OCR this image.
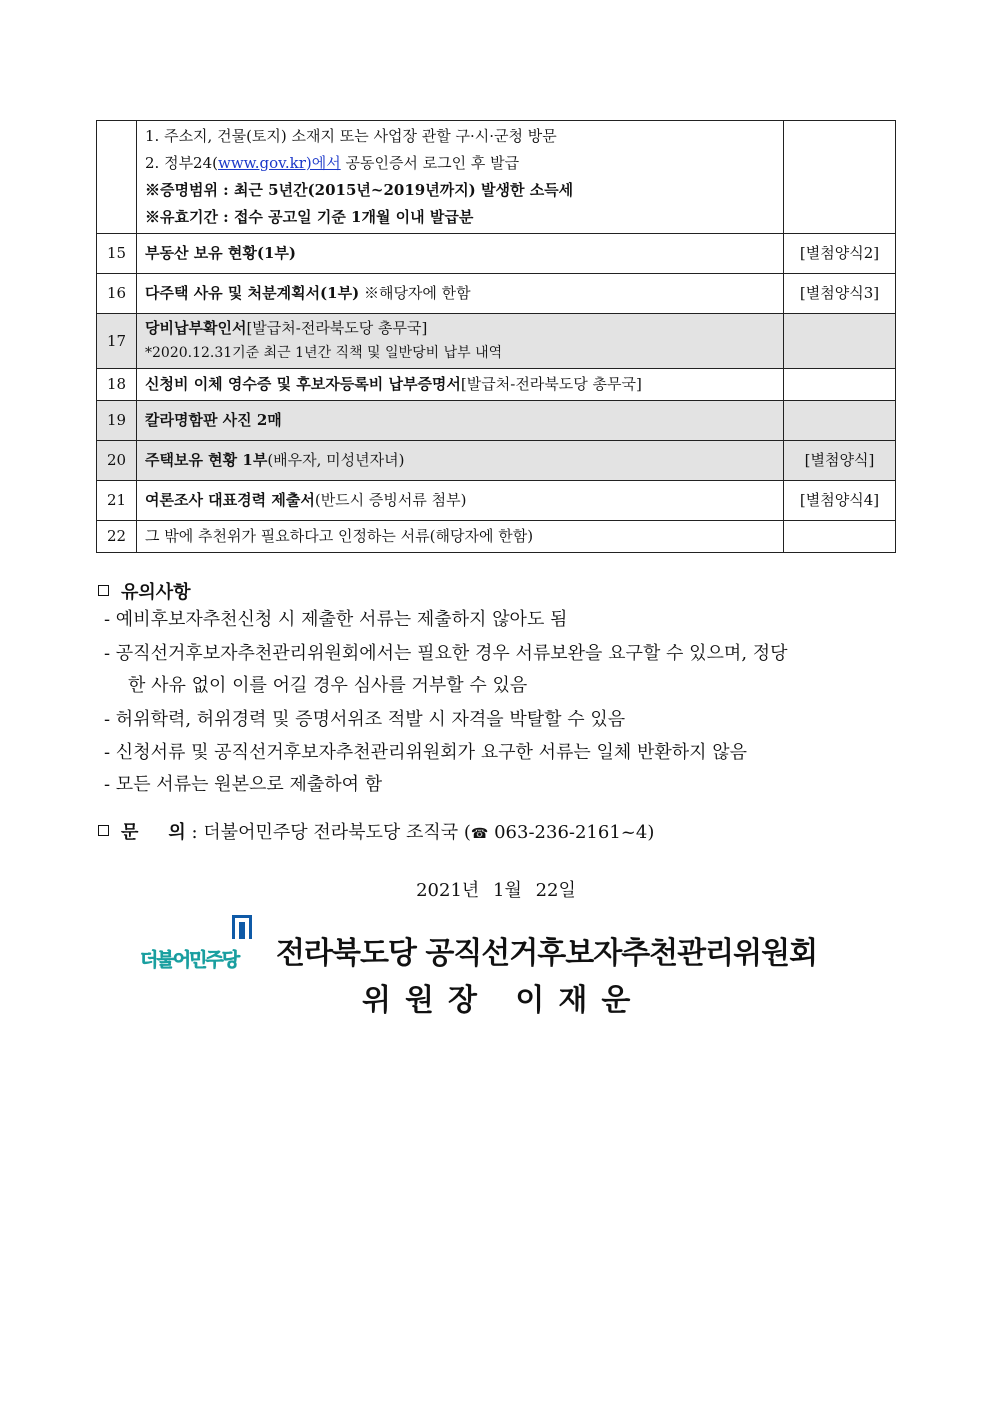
	1. 주소지, 건물(토지) 소재지 또는 사업장 관할 구·시·군청 방문
2. 정부24(www.gov.kr)에서 공동인증서 로그인 후 발급
※증명범위 : 최근 5년간(2015년~2019년까지) 발생한 소득세
※유효기간 : 접수 공고일 기준 1개월 이내 발급분	

15	부동산 보유 현황(1부)	[별첨양식2]
16	다주택 사유 및 처분계획서(1부) ※해당자에 한함	[별첨양식3]
17	당비납부확인서[발급처-전라북도당 총무국]
*2020.12.31기준 최근 1년간 직책 및 일반당비 납부 내역	

18	신청비 이체 영수증 및 후보자등록비 납부증명서[발급처-전라북도당 총무국]	
19	칼라명함판 사진 2매	
20	주택보유 현황 1부(배우자, 미성년자녀)	[별첨양식]
21	여론조사 대표경력 제출서(반드시 증빙서류 첨부)	[별첨양식4]
22	그 밖에 추천위가 필요하다고 인정하는 서류(해당자에 한함)	
유의사항
- 예비후보자추천신청 시 제출한 서류는 제출하지 않아도 됨
- 공직선거후보자추천관리위원회에서는 필요한 경우 서류보완을 요구할 수 있으며, 정당
한 사유 없이 이를 어길 경우 심사를 거부할 수 있음
- 허위학력, 허위경력 및 증명서위조 적발 시 자격을 박탈할 수 있음
- 신청서류 및 공직선거후보자추천관리위원회가 요구한 서류는 일체 반환하지 않음
- 모든 서류는 원본으로 제출하여 함
문 의 : 더불어민주당 전라북도당 조직국 (☎ 063-236-2161~4)
2021년 1월 22일
더불어민주당 전라북도당 공직선거후보자추천관리위원회
위원장 이재운
